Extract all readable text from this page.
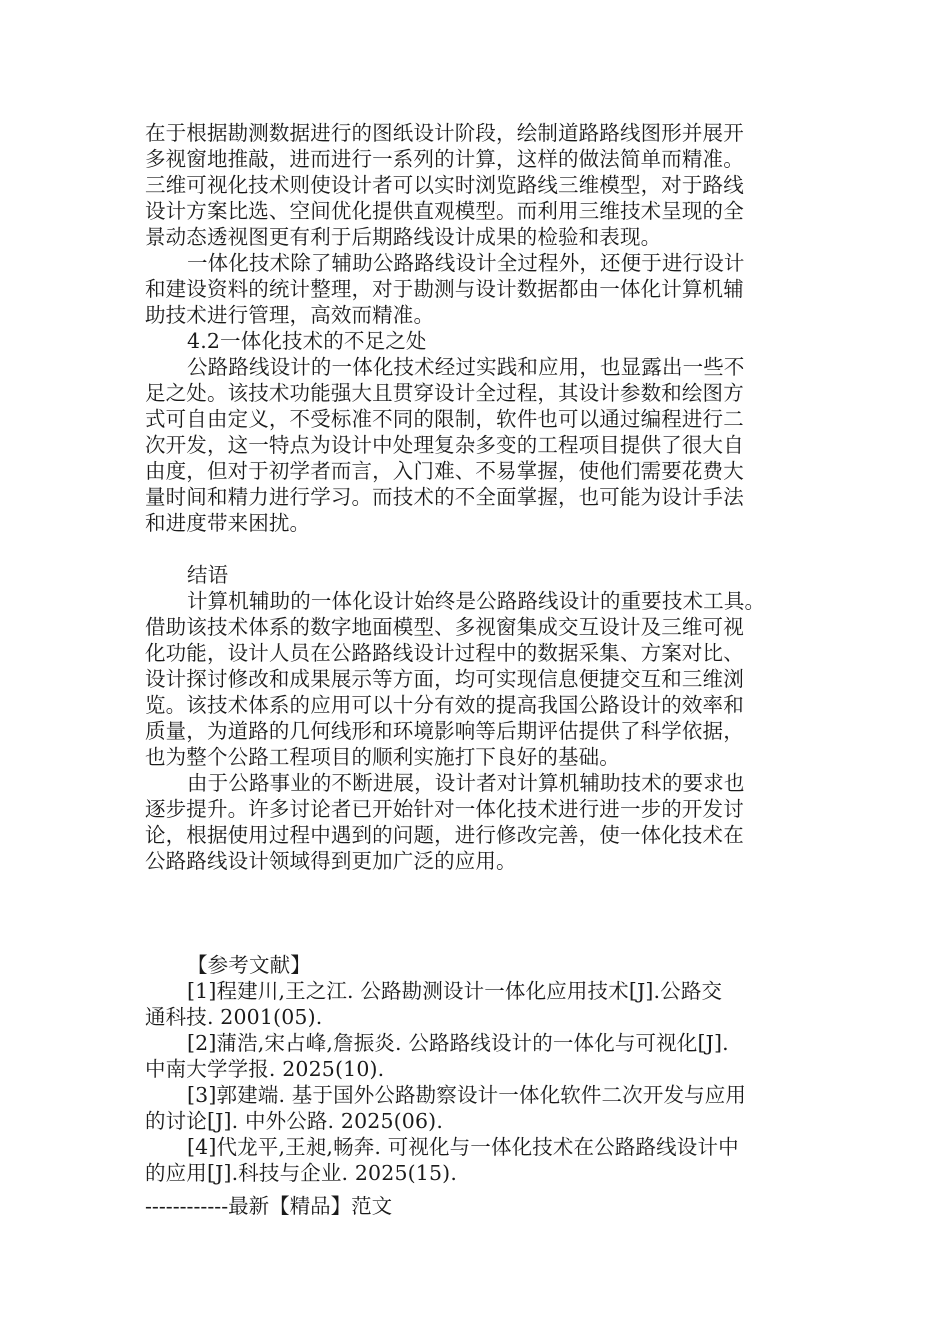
在于根据勘测数据进行的图纸设计阶段，绘制道路路线图形并展开
多视窗地推敲，进而进行一系列的计算，这样的做法简单而精准。
三维可视化技术则使设计者可以实时浏览路线三维模型，对于路线
设计方案比选、空间优化提供直观模型。而利用三维技术呈现的全
景动态透视图更有利于后期路线设计成果的检验和表现。
一体化技术除了辅助公路路线设计全过程外，还便于进行设计
和建设资料的统计整理，对于勘测与设计数据都由一体化计算机辅
助技术进行管理，高效而精准。
4.2一体化技术的不足之处
公路路线设计的一体化技术经过实践和应用，也显露出一些不
足之处。该技术功能强大且贯穿设计全过程，其设计参数和绘图方
式可自由定义，不受标准不同的限制，软件也可以通过编程进行二
次开发，这一特点为设计中处理复杂多变的工程项目提供了很大自
由度，但对于初学者而言，入门难、不易掌握，使他们需要花费大
量时间和精力进行学习。而技术的不全面掌握，也可能为设计手法
和进度带来困扰。
结语
计算机辅助的一体化设计始终是公路路线设计的重要技术工具。
借助该技术体系的数字地面模型、多视窗集成交互设计及三维可视
化功能，设计人员在公路路线设计过程中的数据采集、方案对比、
设计探讨修改和成果展示等方面，均可实现信息便捷交互和三维浏
览。该技术体系的应用可以十分有效的提高我国公路设计的效率和
质量，为道路的几何线形和环境影响等后期评估提供了科学依据，
也为整个公路工程项目的顺利实施打下良好的基础。
由于公路事业的不断进展，设计者对计算机辅助技术的要求也
逐步提升。许多讨论者已开始针对一体化技术进行进一步的开发讨
论，根据使用过程中遇到的问题，进行修改完善，使一体化技术在
公路路线设计领域得到更加广泛的应用。
【参考文献】
[1]程建川,王之江. 公路勘测设计一体化应用技术[J].公路交
通科技. 2001(05).
[2]蒲浩,宋占峰,詹振炎. 公路路线设计的一体化与可视化[J].
中南大学学报. 2025(10).
[3]郭建端. 基于国外公路勘察设计一体化软件二次开发与应用
的讨论[J]. 中外公路. 2025(06).
[4]代龙平,王昶,畅奔. 可视化与一体化技术在公路路线设计中
的应用[J].科技与企业. 2025(15).
------------最新【精品】范文
